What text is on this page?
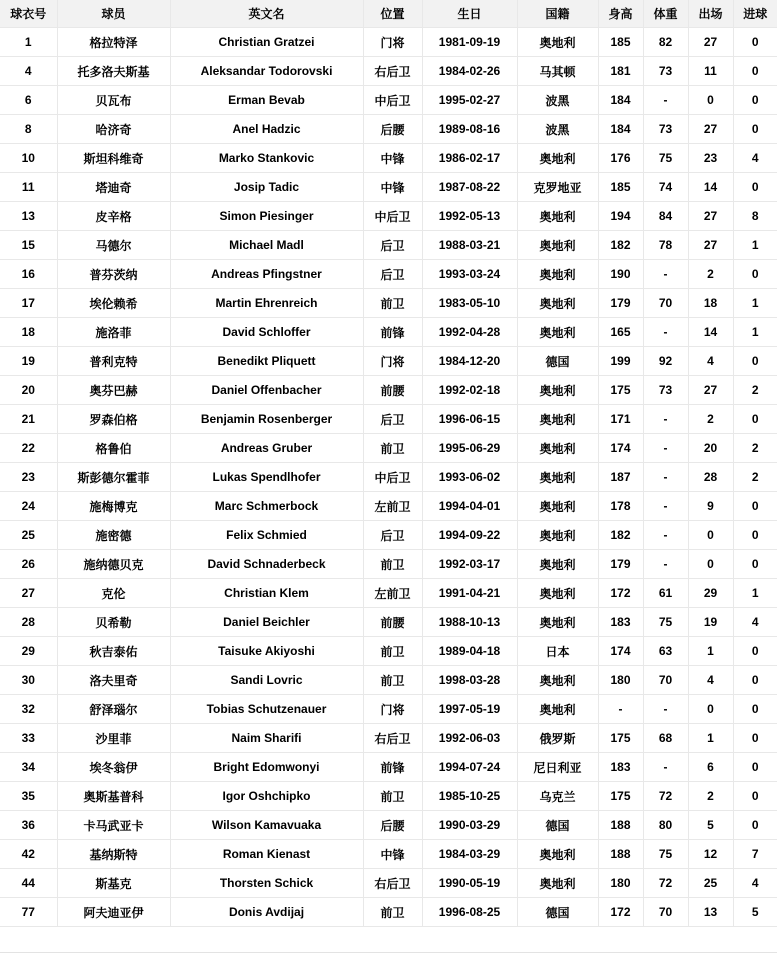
球衣号	球员	英文名	位置	生日	国籍	身高	体重	出场	进球
1	格拉特泽	Christian Gratzei	门将	1981-09-19	奥地利	185	82	27	0
4	托多洛夫斯基	Aleksandar Todorovski	右后卫	1984-02-26	马其顿	181	73	11	0
6	贝瓦布	Erman Bevab	中后卫	1995-02-27	波黑	184	-	0	0
8	哈济奇	Anel Hadzic	后腰	1989-08-16	波黑	184	73	27	0
10	斯坦科维奇	Marko Stankovic	中锋	1986-02-17	奥地利	176	75	23	4
11	塔迪奇	Josip Tadic	中锋	1987-08-22	克罗地亚	185	74	14	0
13	皮辛格	Simon Piesinger	中后卫	1992-05-13	奥地利	194	84	27	8
15	马德尔	Michael Madl	后卫	1988-03-21	奥地利	182	78	27	1
16	普芬茨纳	Andreas Pfingstner	后卫	1993-03-24	奥地利	190	-	2	0
17	埃伦赖希	Martin Ehrenreich	前卫	1983-05-10	奥地利	179	70	18	1
18	施洛菲	David Schloffer	前锋	1992-04-28	奥地利	165	-	14	1
19	普利克特	Benedikt Pliquett	门将	1984-12-20	德国	199	92	4	0
20	奥芬巴赫	Daniel Offenbacher	前腰	1992-02-18	奥地利	175	73	27	2
21	罗森伯格	Benjamin Rosenberger	后卫	1996-06-15	奥地利	171	-	2	0
22	格鲁伯	Andreas Gruber	前卫	1995-06-29	奥地利	174	-	20	2
23	斯彭德尔霍菲	Lukas Spendlhofer	中后卫	1993-06-02	奥地利	187	-	28	2
24	施梅博克	Marc Schmerbock	左前卫	1994-04-01	奥地利	178	-	9	0
25	施密德	Felix Schmied	后卫	1994-09-22	奥地利	182	-	0	0
26	施纳德贝克	David Schnaderbeck	前卫	1992-03-17	奥地利	179	-	0	0
27	克伦	Christian Klem	左前卫	1991-04-21	奥地利	172	61	29	1
28	贝希勒	Daniel Beichler	前腰	1988-10-13	奥地利	183	75	19	4
29	秋吉泰佑	Taisuke Akiyoshi	前卫	1989-04-18	日本	174	63	1	0
30	洛夫里奇	Sandi Lovric	前卫	1998-03-28	奥地利	180	70	4	0
32	舒泽瑙尔	Tobias Schutzenauer	门将	1997-05-19	奥地利	-	-	0	0
33	沙里菲	Naim Sharifi	右后卫	1992-06-03	俄罗斯	175	68	1	0
34	埃冬翁伊	Bright Edomwonyi	前锋	1994-07-24	尼日利亚	183	-	6	0
35	奥斯基普科	Igor Oshchipko	前卫	1985-10-25	乌克兰	175	72	2	0
36	卡马武亚卡	Wilson Kamavuaka	后腰	1990-03-29	德国	188	80	5	0
42	基纳斯特	Roman Kienast	中锋	1984-03-29	奥地利	188	75	12	7
44	斯基克	Thorsten Schick	右后卫	1990-05-19	奥地利	180	72	25	4
77	阿夫迪亚伊	Donis Avdijaj	前卫	1996-08-25	德国	172	70	13	5
